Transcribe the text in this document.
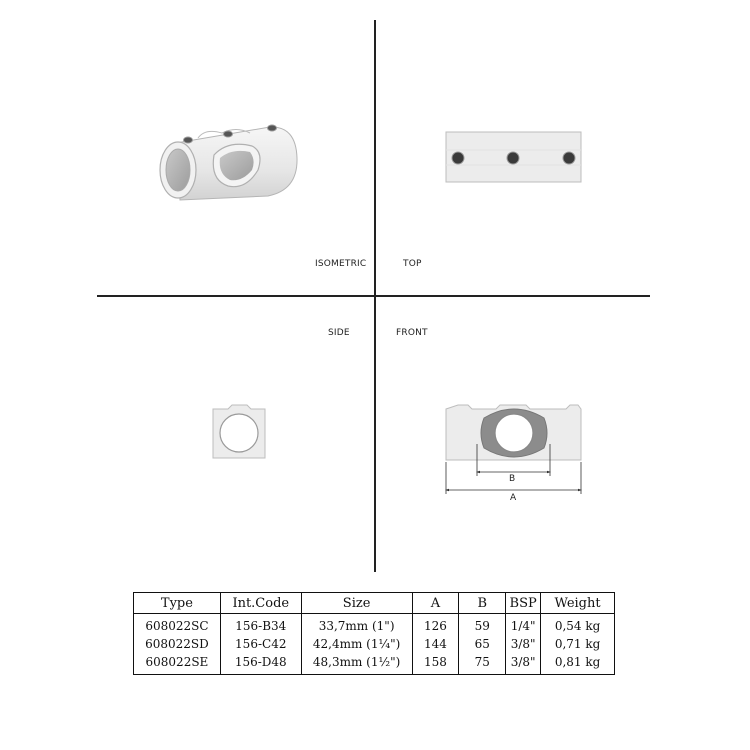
ISOMETRIC	TOP
SIDE	FRONT
B
A
Type	Int.Code	Size	A	B	BSP	Weight
608022SC	156-B34	33,7mm (1")	126	59	1/4"	0,54 kg
608022SD	156-C42	42,4mm (1¼")	144	65	3/8"	0,71 kg
608022SE	156-D48	48,3mm (1½")	158	75	3/8"	0,81 kg
